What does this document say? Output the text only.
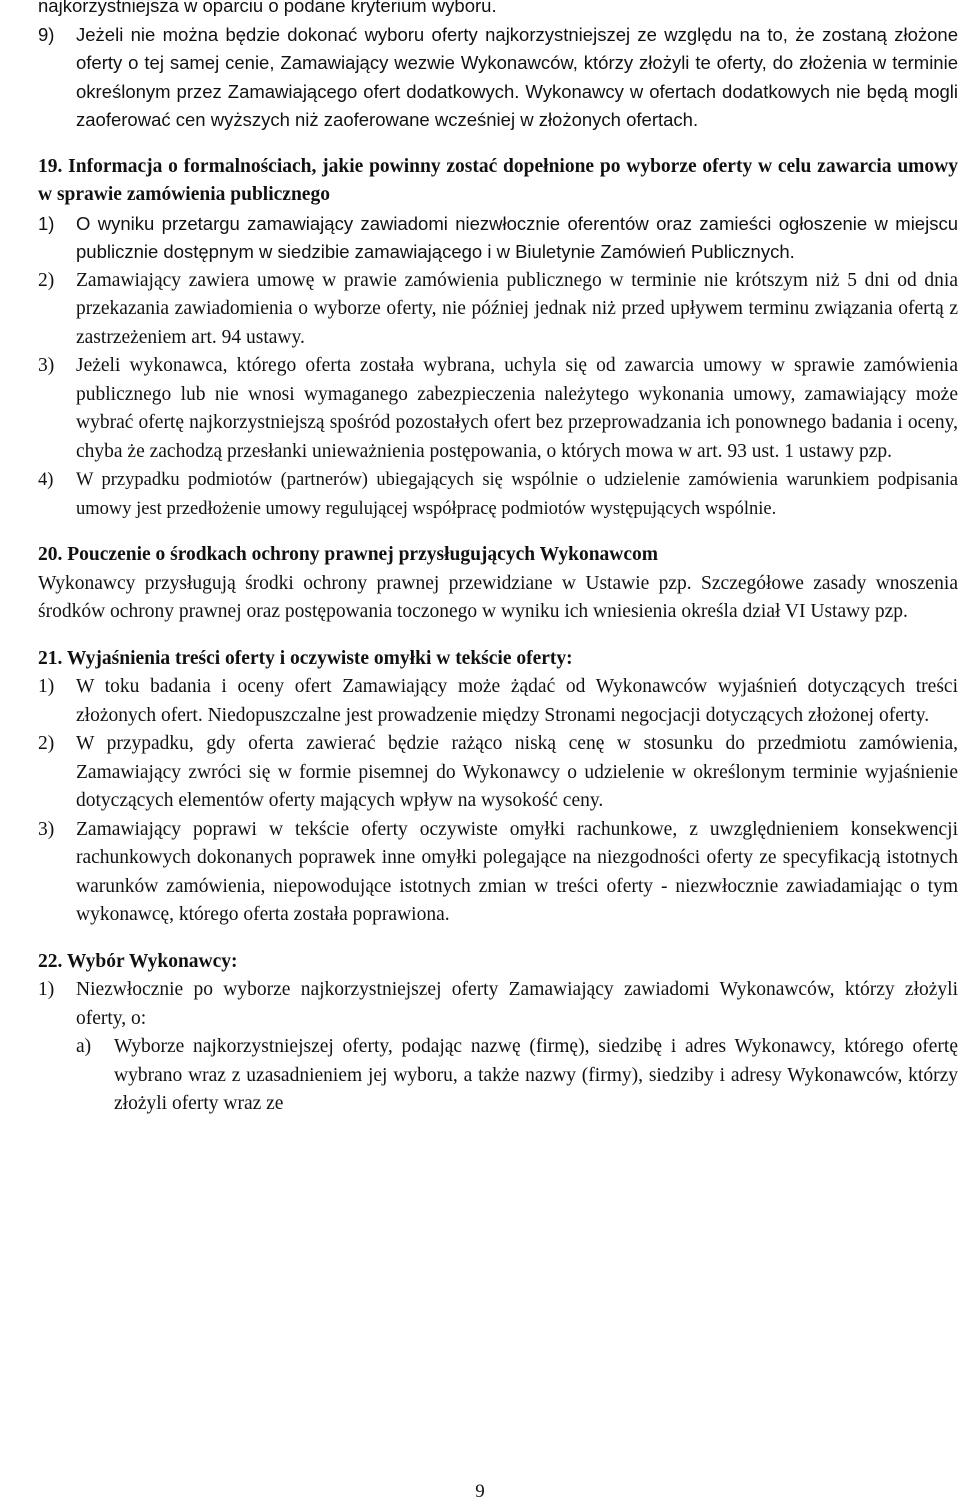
najkorzystniejsza w oparciu o podane kryterium wyboru.

9) Jeżeli nie można będzie dokonać wyboru oferty najkorzystniejszej ze względu na to, że zostaną złożone oferty o tej samej cenie, Zamawiający wezwie Wykonawców, którzy złożyli te oferty, do złożenia w terminie określonym przez Zamawiającego ofert dodatkowych. Wykonawcy w ofertach dodatkowych nie będą mogli zaoferować cen wyższych niż zaoferowane wcześniej w złożonych ofertach.
19. Informacja o formalnościach, jakie powinny zostać dopełnione po wyborze oferty w celu zawarcia umowy w sprawie zamówienia publicznego
1) O wyniku przetargu zamawiający zawiadomi niezwłocznie oferentów oraz zamieści ogłoszenie w miejscu publicznie dostępnym w siedzibie zamawiającego i w Biuletynie Zamówień Publicznych.
2) Zamawiający zawiera umowę w prawie zamówienia publicznego w terminie nie krótszym niż 5 dni od dnia przekazania zawiadomienia o wyborze oferty, nie później jednak niż przed upływem terminu związania ofertą z zastrzeżeniem art. 94 ustawy.
3) Jeżeli wykonawca, którego oferta została wybrana, uchyla się od zawarcia umowy w sprawie zamówienia publicznego lub nie wnosi wymaganego zabezpieczenia należytego wykonania umowy, zamawiający może wybrać ofertę najkorzystniejszą spośród pozostałych ofert bez przeprowadzania ich ponownego badania i oceny, chyba że zachodzą przesłanki unieważnienia postępowania, o których mowa w art. 93 ust. 1 ustawy pzp.
4) W przypadku podmiotów (partnerów) ubiegających się wspólnie o udzielenie zamówienia warunkiem podpisania umowy jest przedłożenie umowy regulującej współpracę podmiotów występujących wspólnie.
20. Pouczenie o środkach ochrony prawnej przysługujących Wykonawcom

Wykonawcy przysługują środki ochrony prawnej przewidziane w Ustawie pzp. Szczegółowe zasady wnoszenia środków ochrony prawnej oraz postępowania toczonego w wyniku ich wniesienia określa dział VI Ustawy pzp.

21. Wyjaśnienia treści oferty i oczywiste omyłki w tekście oferty:
1) W toku badania i oceny ofert Zamawiający może żądać od Wykonawców wyjaśnień dotyczących treści złożonych ofert. Niedopuszczalne jest prowadzenie między Stronami negocjacji dotyczących złożonej oferty.
2) W przypadku, gdy oferta zawierać będzie rażąco niską cenę w stosunku do przedmiotu zamówienia, Zamawiający zwróci się w formie pisemnej do Wykonawcy o udzielenie w określonym terminie wyjaśnienie dotyczących elementów oferty mających wpływ na wysokość ceny.
3) Zamawiający poprawi w tekście oferty oczywiste omyłki rachunkowe, z uwzględnieniem konsekwencji rachunkowych dokonanych poprawek inne omyłki polegające na niezgodności oferty ze specyfikacją istotnych warunków zamówienia, niepowodujące istotnych zmian w treści oferty - niezwłocznie zawiadamiając o tym wykonawcę, którego oferta została poprawiona.
22. Wybór Wykonawcy:
1) Niezwłocznie po wyborze najkorzystniejszej oferty Zamawiający zawiadomi Wykonawców, którzy złożyli oferty, o:
a) Wyborze najkorzystniejszej oferty, podając nazwę (firmę), siedzibę i adres Wykonawcy, którego ofertę wybrano wraz z uzasadnieniem jej wyboru, a także nazwy (firmy), siedziby i adresy Wykonawców, którzy złożyli oferty wraz ze
9
